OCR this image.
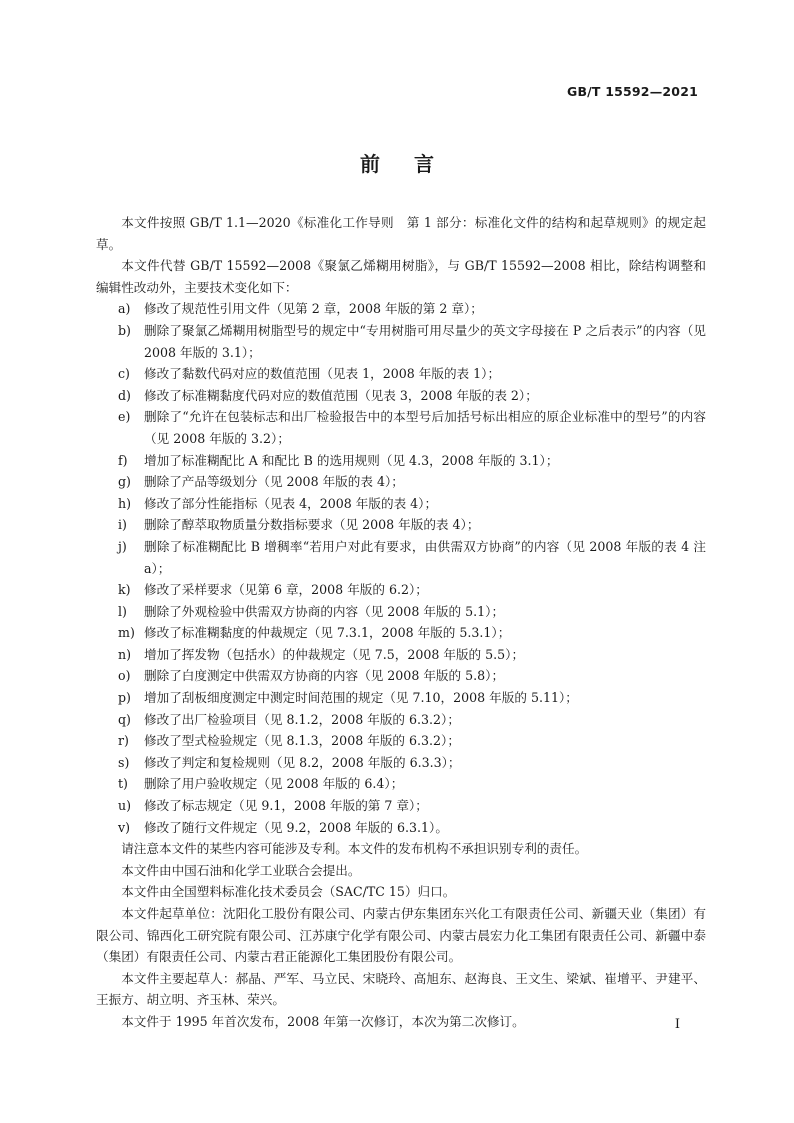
GB/T 15592—2021
前言

本文件按照 GB/T 1.1—2020《标准化工作导则　第 1 部分：标准化文件的结构和起草规则》的规定起草。

本文件代替 GB/T 15592—2008《聚氯乙烯糊用树脂》，与 GB/T 15592—2008 相比，除结构调整和编辑性改动外，主要技术变化如下：

a)	修改了规范性引用文件（见第 2 章，2008 年版的第 2 章）；
b)	删除了聚氯乙烯糊用树脂型号的规定中“专用树脂可用尽量少的英文字母接在 P 之后表示”的内容（见 2008 年版的 3.1）；
c)	修改了黏数代码对应的数值范围（见表 1，2008 年版的表 1）；
d)	修改了标准糊黏度代码对应的数值范围（见表 3，2008 年版的表 2）；
e)	删除了“允许在包装标志和出厂检验报告中的本型号后加括号标出相应的原企业标准中的型号”的内容（见 2008 年版的 3.2）；
f)	增加了标准糊配比 A 和配比 B 的选用规则（见 4.3，2008 年版的 3.1）；
g)	删除了产品等级划分（见 2008 年版的表 4）；
h)	修改了部分性能指标（见表 4，2008 年版的表 4）；
i)	删除了醇萃取物质量分数指标要求（见 2008 年版的表 4）；
j)	删除了标准糊配比 B 增稠率“若用户对此有要求，由供需双方协商”的内容（见 2008 年版的表 4 注 a）；
k)	修改了采样要求（见第 6 章，2008 年版的 6.2）；
l)	删除了外观检验中供需双方协商的内容（见 2008 年版的 5.1）；
m) 修改了标准糊黏度的仲裁规定（见 7.3.1，2008 年版的 5.3.1）；
n)	增加了挥发物（包括水）的仲裁规定（见 7.5，2008 年版的 5.5）；
o)	删除了白度测定中供需双方协商的内容（见 2008 年版的 5.8）；
p)	增加了刮板细度测定中测定时间范围的规定（见 7.10，2008 年版的 5.11）；
q)	修改了出厂检验项目（见 8.1.2，2008 年版的 6.3.2）；
r)	修改了型式检验规定（见 8.1.3，2008 年版的 6.3.2）；
s)	修改了判定和复检规则（见 8.2，2008 年版的 6.3.3）；
t)	删除了用户验收规定（见 2008 年版的 6.4）；
u)	修改了标志规定（见 9.1，2008 年版的第 7 章）；
v)	修改了随行文件规定（见 9.2，2008 年版的 6.3.1）。

请注意本文件的某些内容可能涉及专利。本文件的发布机构不承担识别专利的责任。

本文件由中国石油和化学工业联合会提出。

本文件由全国塑料标准化技术委员会（SAC/TC 15）归口。

本文件起草单位：沈阳化工股份有限公司、内蒙古伊东集团东兴化工有限责任公司、新疆天业（集团）有限公司、锦西化工研究院有限公司、江苏康宁化学有限公司、内蒙古晨宏力化工集团有限责任公司、新疆中泰（集团）有限责任公司、内蒙古君正能源化工集团股份有限公司。

本文件主要起草人：郝晶、严军、马立民、宋晓玲、高旭东、赵海良、王文生、梁斌、崔增平、尹建平、王振方、胡立明、齐玉林、荣兴。

本文件于 1995 年首次发布，2008 年第一次修订，本次为第二次修订。	I
